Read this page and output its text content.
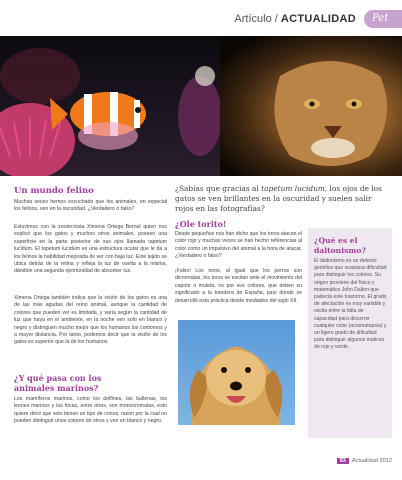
Artículo / ACTUALIDAD Pet
Un mundo felino
Muchas veces hemos escuchado que los animales, en especial los felinos, ven en la oscuridad. ¿Verdadero o falso?
Estuvimos con la zootecnista Ximena Ortega Bernal quien nos explicó que los gatos y muchos otros animales, poseen una superficie en la parte posterior de sus ojos llamada tapetum lucidum. El tapetum lucidum es una estructura ocular que le da a los felinos la habilidad mejorada de ver con baja luz. Este tejido se ubica detrás de la retina y refleja la luz de vuelta a la misma, dándole una segunda oportunidad de absorber luz.
Ximena Ortega también indica que la visión de los gatos es una de las más agudas del reino animal, aunque la cantidad de colores que pueden ver es limitada, y varía según la cantidad de luz que haya en el ambiente, en la noche ven solo en blanco y negro y distinguen mucho mejor que los humanos los contornos y a mayor distancia. Por tanto, podemos decir que la visión de los gatos es superior que la de los humanos.
¿Y qué pasa con los animales marinos?
Los mamíferos marinos, como los delfines, las ballenas, los leones marinos y las focas, entre otros, son monocromatas, esto quiere decir que solo tienen un tipo de conos, razón por la cual no pueden distinguir unos colores de otros y ven en blanco y negro.
¿Sabías que gracias al tapetum lucidum, los ojos de los gatos se ven brillantes en la oscuridad y suelen salir rojos en las fotografías?
¿Ole torito!
Desde pequeños nos han dicho que los toros atacan el color rojo y muchas veces se han hecho referencias al color como un impulsivo del animal a la hora de atacar. ¿Verdadero o falso?
¡Falso! Los toros, al igual que los perros son dicromatas, los toros se excitan ante el movimiento del capote o muleta, no por sus colores, que deben su significado a la bandera de España, país donde se desarrolló esta práctica desde mediados del siglo XII.
¿Qué es el daltonismo?
El daltonismo es un defecto genético que ocasiona dificultad para distinguir los colores. Su origen proviene del físico y matemático John Dalton que padecía este trastorno. El grado de afectación es muy variable y oscila entre la falta de capacidad para discernir cualquier color (acromatopsia) y un ligero grado de dificultad para distinguir algunos matices de rojo y verde.
93 Actualidad 2012
